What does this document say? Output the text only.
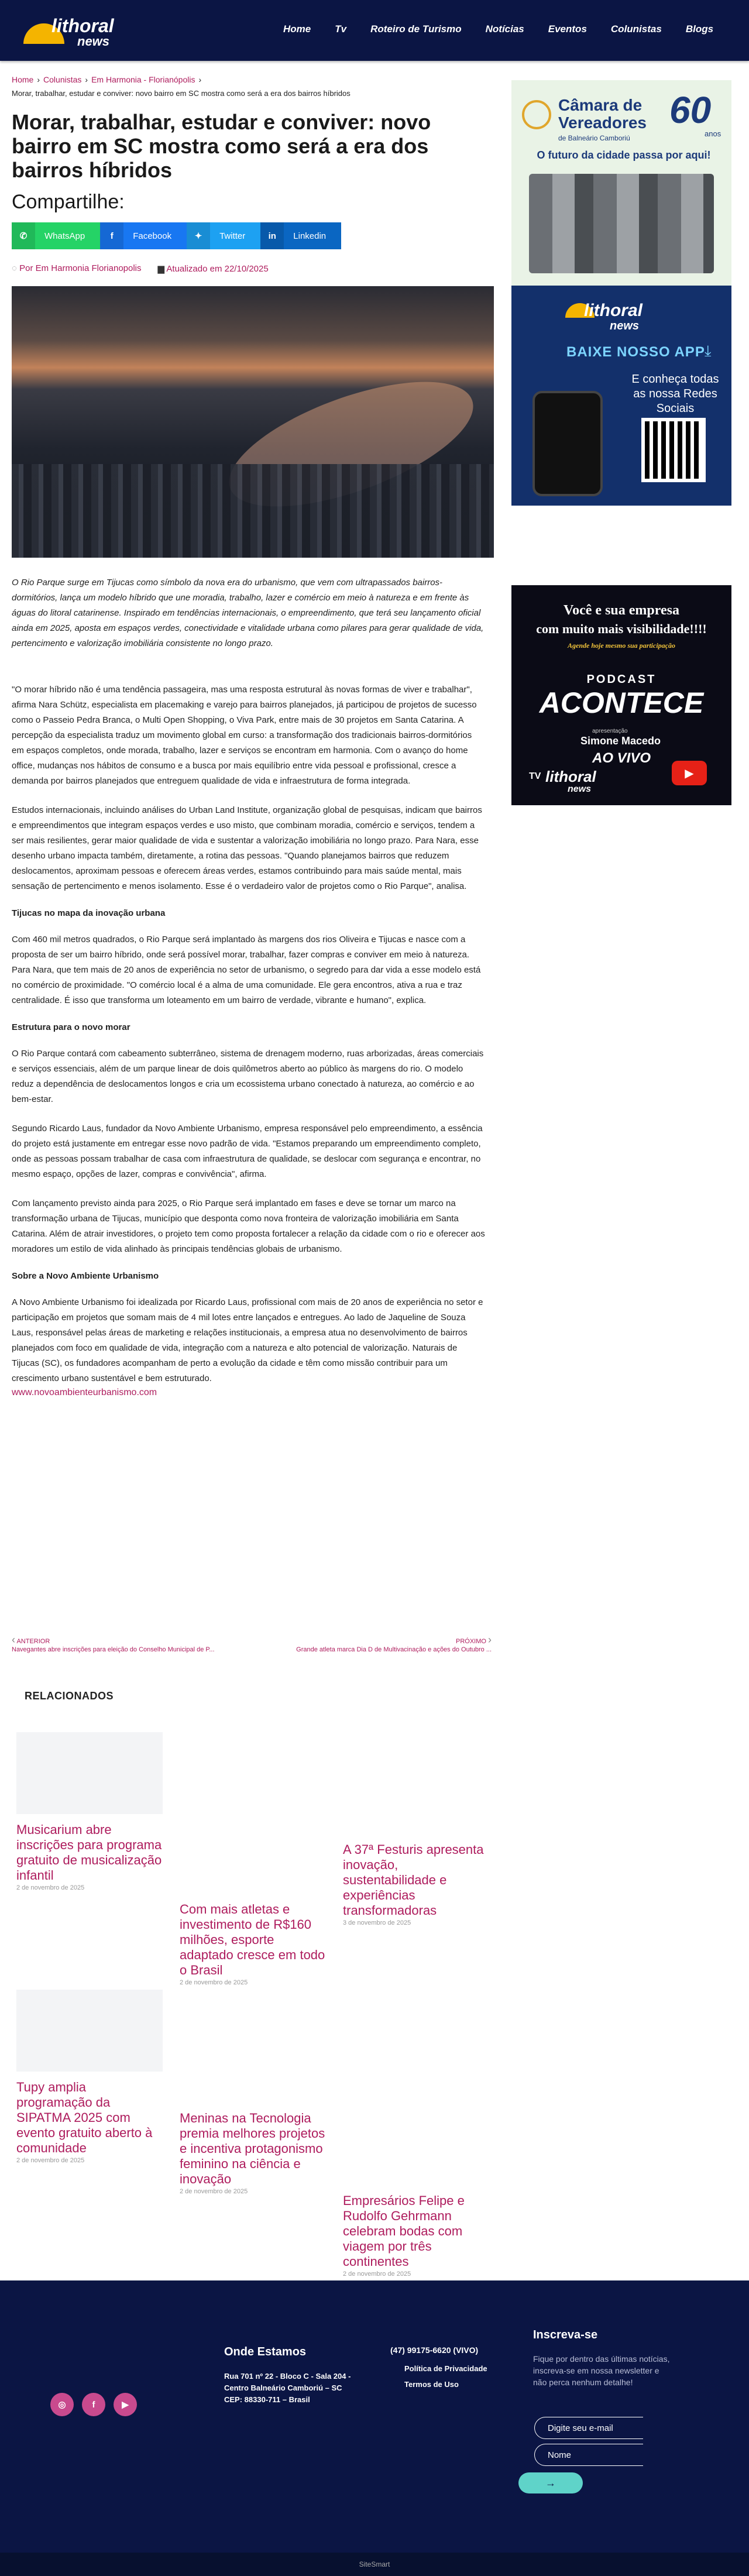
lithoral
news
Home Tv Roteiro de Turismo Notícias Eventos Colunistas Blogs
Home › Colunistas › Em Harmonia - Florianópolis ›
Morar, trabalhar, estudar e conviver: novo bairro em SC mostra como será a era dos bairros híbridos
Morar, trabalhar, estudar e conviver: novo bairro em SC mostra como será a era dos bairros híbridos
Compartilhe:
✆	WhatsApp	f	Facebook	✦	Twitter	in	Linkedin
◌ Por Em Harmonia Florianopolis ▆ Atualizado em 22/10/2025

O Rio Parque surge em Tijucas como símbolo da nova era do urbanismo, que vem com ultrapassados bairros-dormitórios, lança um modelo híbrido que une moradia, trabalho, lazer e comércio em meio à natureza e em frente às águas do litoral catarinense. Inspirado em tendências internacionais, o empreendimento, que terá seu lançamento oficial ainda em 2025, aposta em espaços verdes, conectividade e vitalidade urbana como pilares para gerar qualidade de vida, pertencimento e valorização imobiliária consistente no longo prazo.

"O morar híbrido não é uma tendência passageira, mas uma resposta estrutural às novas formas de viver e trabalhar", afirma Nara Schütz, especialista em placemaking e varejo para bairros planejados, já participou de projetos de sucesso como o Passeio Pedra Branca, o Multi Open Shopping, o Viva Park, entre mais de 30 projetos em Santa Catarina. A percepção da especialista traduz um movimento global em curso: a transformação dos tradicionais bairros-dormitórios em espaços completos, onde morada, trabalho, lazer e serviços se encontram em harmonia. Com o avanço do home office, mudanças nos hábitos de consumo e a busca por mais equilíbrio entre vida pessoal e profissional, cresce a demanda por bairros planejados que entreguem qualidade de vida e infraestrutura de forma integrada.

Estudos internacionais, incluindo análises do Urban Land Institute, organização global de pesquisas, indicam que bairros e empreendimentos que integram espaços verdes e uso misto, que combinam moradia, comércio e serviços, tendem a ser mais resilientes, gerar maior qualidade de vida e sustentar a valorização imobiliária no longo prazo. Para Nara, esse desenho urbano impacta também, diretamente, a rotina das pessoas. "Quando planejamos bairros que reduzem deslocamentos, aproximam pessoas e oferecem áreas verdes, estamos contribuindo para mais saúde mental, mais sensação de pertencimento e menos isolamento. Esse é o verdadeiro valor de projetos como o Rio Parque", analisa.

Tijucas no mapa da inovação urbana

Com 460 mil metros quadrados, o Rio Parque será implantado às margens dos rios Oliveira e Tijucas e nasce com a proposta de ser um bairro híbrido, onde será possível morar, trabalhar, fazer compras e conviver em meio à natureza. Para Nara, que tem mais de 20 anos de experiência no setor de urbanismo, o segredo para dar vida a esse modelo está no comércio de proximidade. "O comércio local é a alma de uma comunidade. Ele gera encontros, ativa a rua e traz centralidade. É isso que transforma um loteamento em um bairro de verdade, vibrante e humano", explica.

Estrutura para o novo morar

O Rio Parque contará com cabeamento subterrâneo, sistema de drenagem moderno, ruas arborizadas, áreas comerciais e serviços essenciais, além de um parque linear de dois quilômetros aberto ao público às margens do rio. O modelo reduz a dependência de deslocamentos longos e cria um ecossistema urbano conectado à natureza, ao comércio e ao bem-estar.

Segundo Ricardo Laus, fundador da Novo Ambiente Urbanismo, empresa responsável pelo empreendimento, a essência do projeto está justamente em entregar esse novo padrão de vida. "Estamos preparando um empreendimento completo, onde as pessoas possam trabalhar de casa com infraestrutura de qualidade, se deslocar com segurança e encontrar, no mesmo espaço, opções de lazer, compras e convivência", afirma.

Com lançamento previsto ainda para 2025, o Rio Parque será implantado em fases e deve se tornar um marco na transformação urbana de Tijucas, município que desponta como nova fronteira de valorização imobiliária em Santa Catarina. Além de atrair investidores, o projeto tem como proposta fortalecer a relação da cidade com o rio e oferecer aos moradores um estilo de vida alinhado às principais tendências globais de urbanismo.

Sobre a Novo Ambiente Urbanismo

A Novo Ambiente Urbanismo foi idealizada por Ricardo Laus, profissional com mais de 20 anos de experiência no setor e participação em projetos que somam mais de 4 mil lotes entre lançados e entregues. Ao lado de Jaqueline de Souza Laus, responsável pelas áreas de marketing e relações institucionais, a empresa atua no desenvolvimento de bairros planejados com foco em qualidade de vida, integração com a natureza e alto potencial de valorização. Naturais de Tijucas (SC), os fundadores acompanham de perto a evolução da cidade e têm como missão contribuir para um crescimento urbano sustentável e bem estruturado.

www.novoambienteurbanismo.com
‹ ANTERIOR
Navegantes abre inscrições para eleição do Conselho Municipal de P...
PRÓXIMO ›
Grande atleta marca Dia D de Multivacinação e ações do Outubro ...
RELACIONADOS
Musicarium abre inscrições para programa gratuito de musicalização infantil
2 de novembro de 2025
Com mais atletas e investimento de R$160 milhões, esporte adaptado cresce em todo o Brasil
2 de novembro de 2025
A 37ª Festuris apresenta inovação, sustentabilidade e experiências transformadoras
3 de novembro de 2025
Tupy amplia programação da SIPATMA 2025 com evento gratuito aberto à comunidade
2 de novembro de 2025
Meninas na Tecnologia premia melhores projetos e incentiva protagonismo feminino na ciência e inovação
2 de novembro de 2025
Empresários Felipe e Rudolfo Gehrmann celebram bodas com viagem por três continentes
2 de novembro de 2025
Câmara de
Vereadores
de Balneário Camboriú
60
anos
O futuro da cidade passa por aqui!
lithoral
news
BAIXE NOSSO APP ⤓
E conheça todas as nossa Redes Sociais
Você e sua empresa
com muito mais visibilidade!!!!
Agende hoje mesmo sua participação
PODCAST
ACONTECE
apresentação
Simone Macedo
AO VIVO
TV lithoral
news
▶
◎	f	▶
Onde Estamos
Rua 701 nº 22 - Bloco C - Sala 204 - Centro Balneário Camboriú – SC CEP: 88330-711 – Brasil
(47) 99175-6620 (VIVO)
Política de Privacidade
Termos de Uso
Inscreva-se
Fique por dentro das últimas notícias, inscreva-se em nossa newsletter e não perca nenhum detalhe!
Digite seu e-mail
Nome
→
SiteSmart
